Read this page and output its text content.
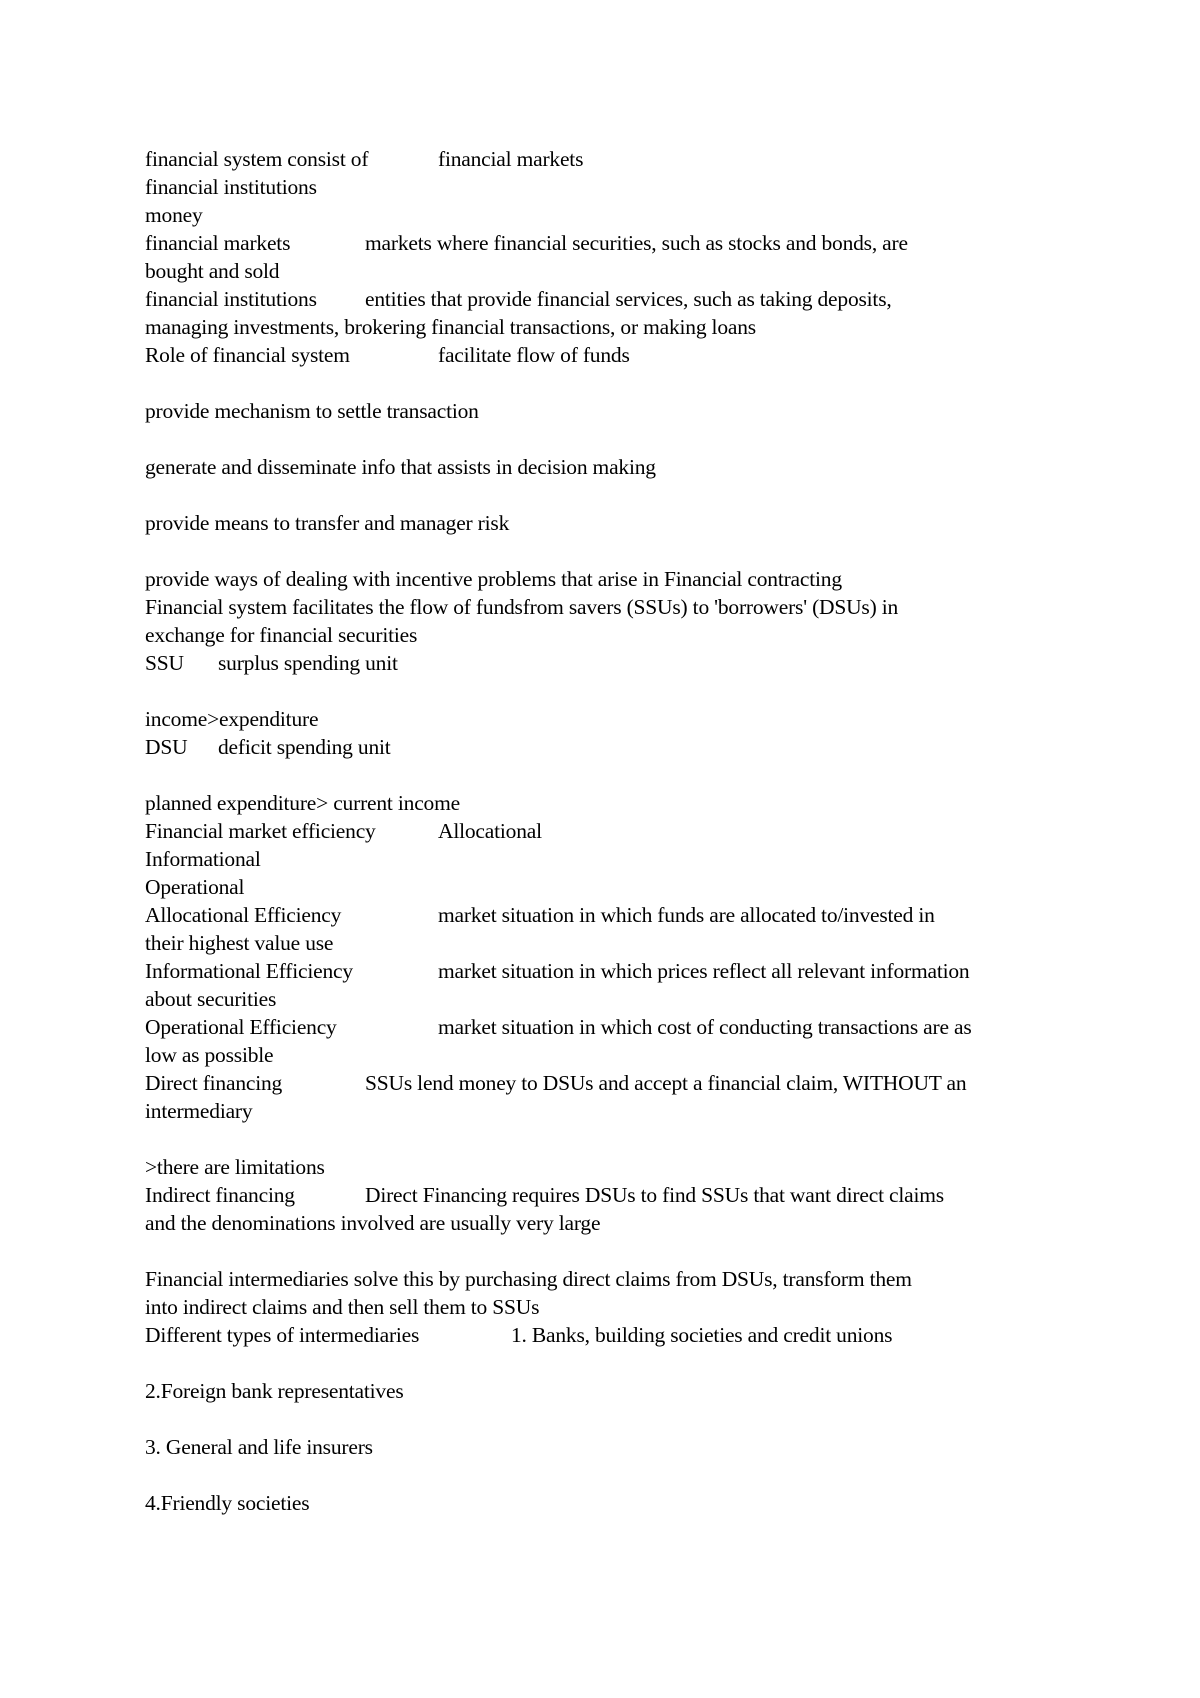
financial system consist of	financial markets
financial institutions
money
financial markets	markets where financial securities, such as stocks and bonds, are
bought and sold
financial institutions entities that provide financial services, such as taking deposits,
managing investments, brokering financial transactions, or making loans
Role of financial system	facilitate flow of funds
provide mechanism to settle transaction
generate and disseminate info that assists in decision making
provide means to transfer and manager risk
provide ways of dealing with incentive problems that arise in Financial contracting
Financial system facilitates the flow of fundsfrom savers (SSUs) to 'borrowers' (DSUs) in
exchange for financial securities
SSU surplus spending unit
income>expenditure
DSU deficit spending unit
planned expenditure> current income
Financial market efficiency	Allocational
Informational
Operational
Allocational Efficiency	market situation in which funds are allocated to/invested in
their highest value use
Informational Efficiency	market situation in which prices reflect all relevant information
about securities
Operational Efficiency	market situation in which cost of conducting transactions are as
low as possible
Direct financing	SSUs lend money to DSUs and accept a financial claim, WITHOUT an
intermediary
>there are limitations
Indirect financing	Direct Financing requires DSUs to find SSUs that want direct claims
and the denominations involved are usually very large
Financial intermediaries solve this by purchasing direct claims from DSUs, transform them
into indirect claims and then sell them to SSUs
Different types of intermediaries	1. Banks, building societies and credit unions
2.Foreign bank representatives
3. General and life insurers
4.Friendly societies
